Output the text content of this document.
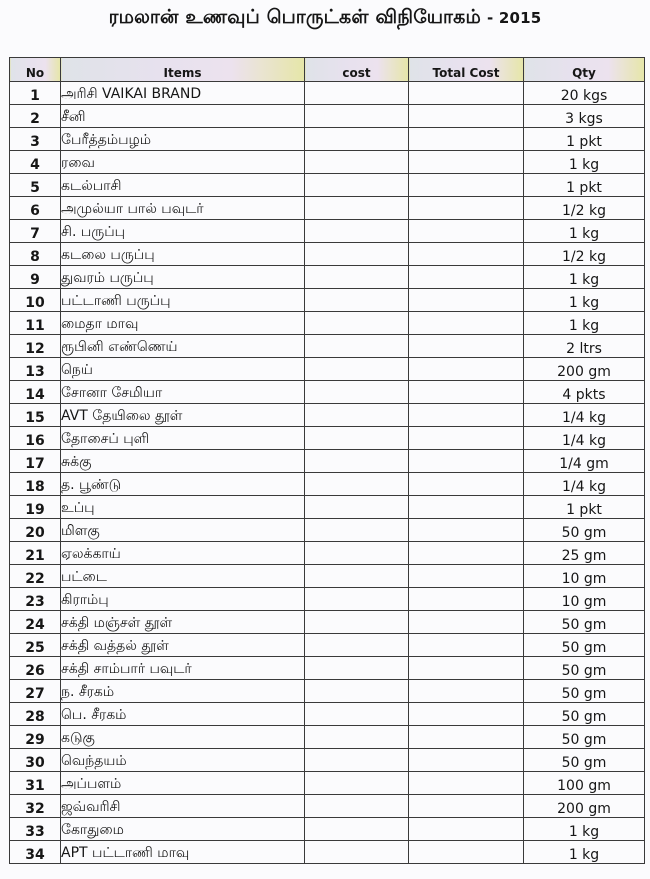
ரமலான் உணவுப் பொருட்கள் விநியோகம் - 2015
No	Items	cost	Total Cost	Qty
1	அரிசி VAIKAI BRAND			20 kgs
2	சீனி			3 kgs
3	பேரீத்தம்பழம்			1 pkt
4	ரவை			1 kg
5	கடல்பாசி			1 pkt
6	அமுல்யா பால் பவுடர்			1/2 kg
7	சி. பருப்பு			1 kg
8	கடலை பருப்பு			1/2 kg
9	துவரம் பருப்பு			1 kg
10	பட்டாணி பருப்பு			1 kg
11	மைதா மாவு			1 kg
12	ரூபினி எண்ணெய்			2 ltrs
13	நெய்			200 gm
14	சோனா சேமியா			4 pkts
15	AVT தேயிலை தூள்			1/4 kg
16	தோசைப் புளி			1/4 kg
17	சுக்கு			1/4 gm
18	த. பூண்டு			1/4 kg
19	உப்பு			1 pkt
20	மிளகு			50 gm
21	ஏலக்காய்			25 gm
22	பட்டை			10 gm
23	கிராம்பு			10 gm
24	சக்தி மஞ்சள் தூள்			50 gm
25	சக்தி வத்தல் தூள்			50 gm
26	சக்தி சாம்பார் பவுடர்			50 gm
27	ந. சீரகம்			50 gm
28	பெ. சீரகம்			50 gm
29	கடுகு			50 gm
30	வெந்தயம்			50 gm
31	அப்பளம்			100 gm
32	ஜவ்வரிசி			200 gm
33	கோதுமை			1 kg
34	APT பட்டாணி மாவு			1 kg
